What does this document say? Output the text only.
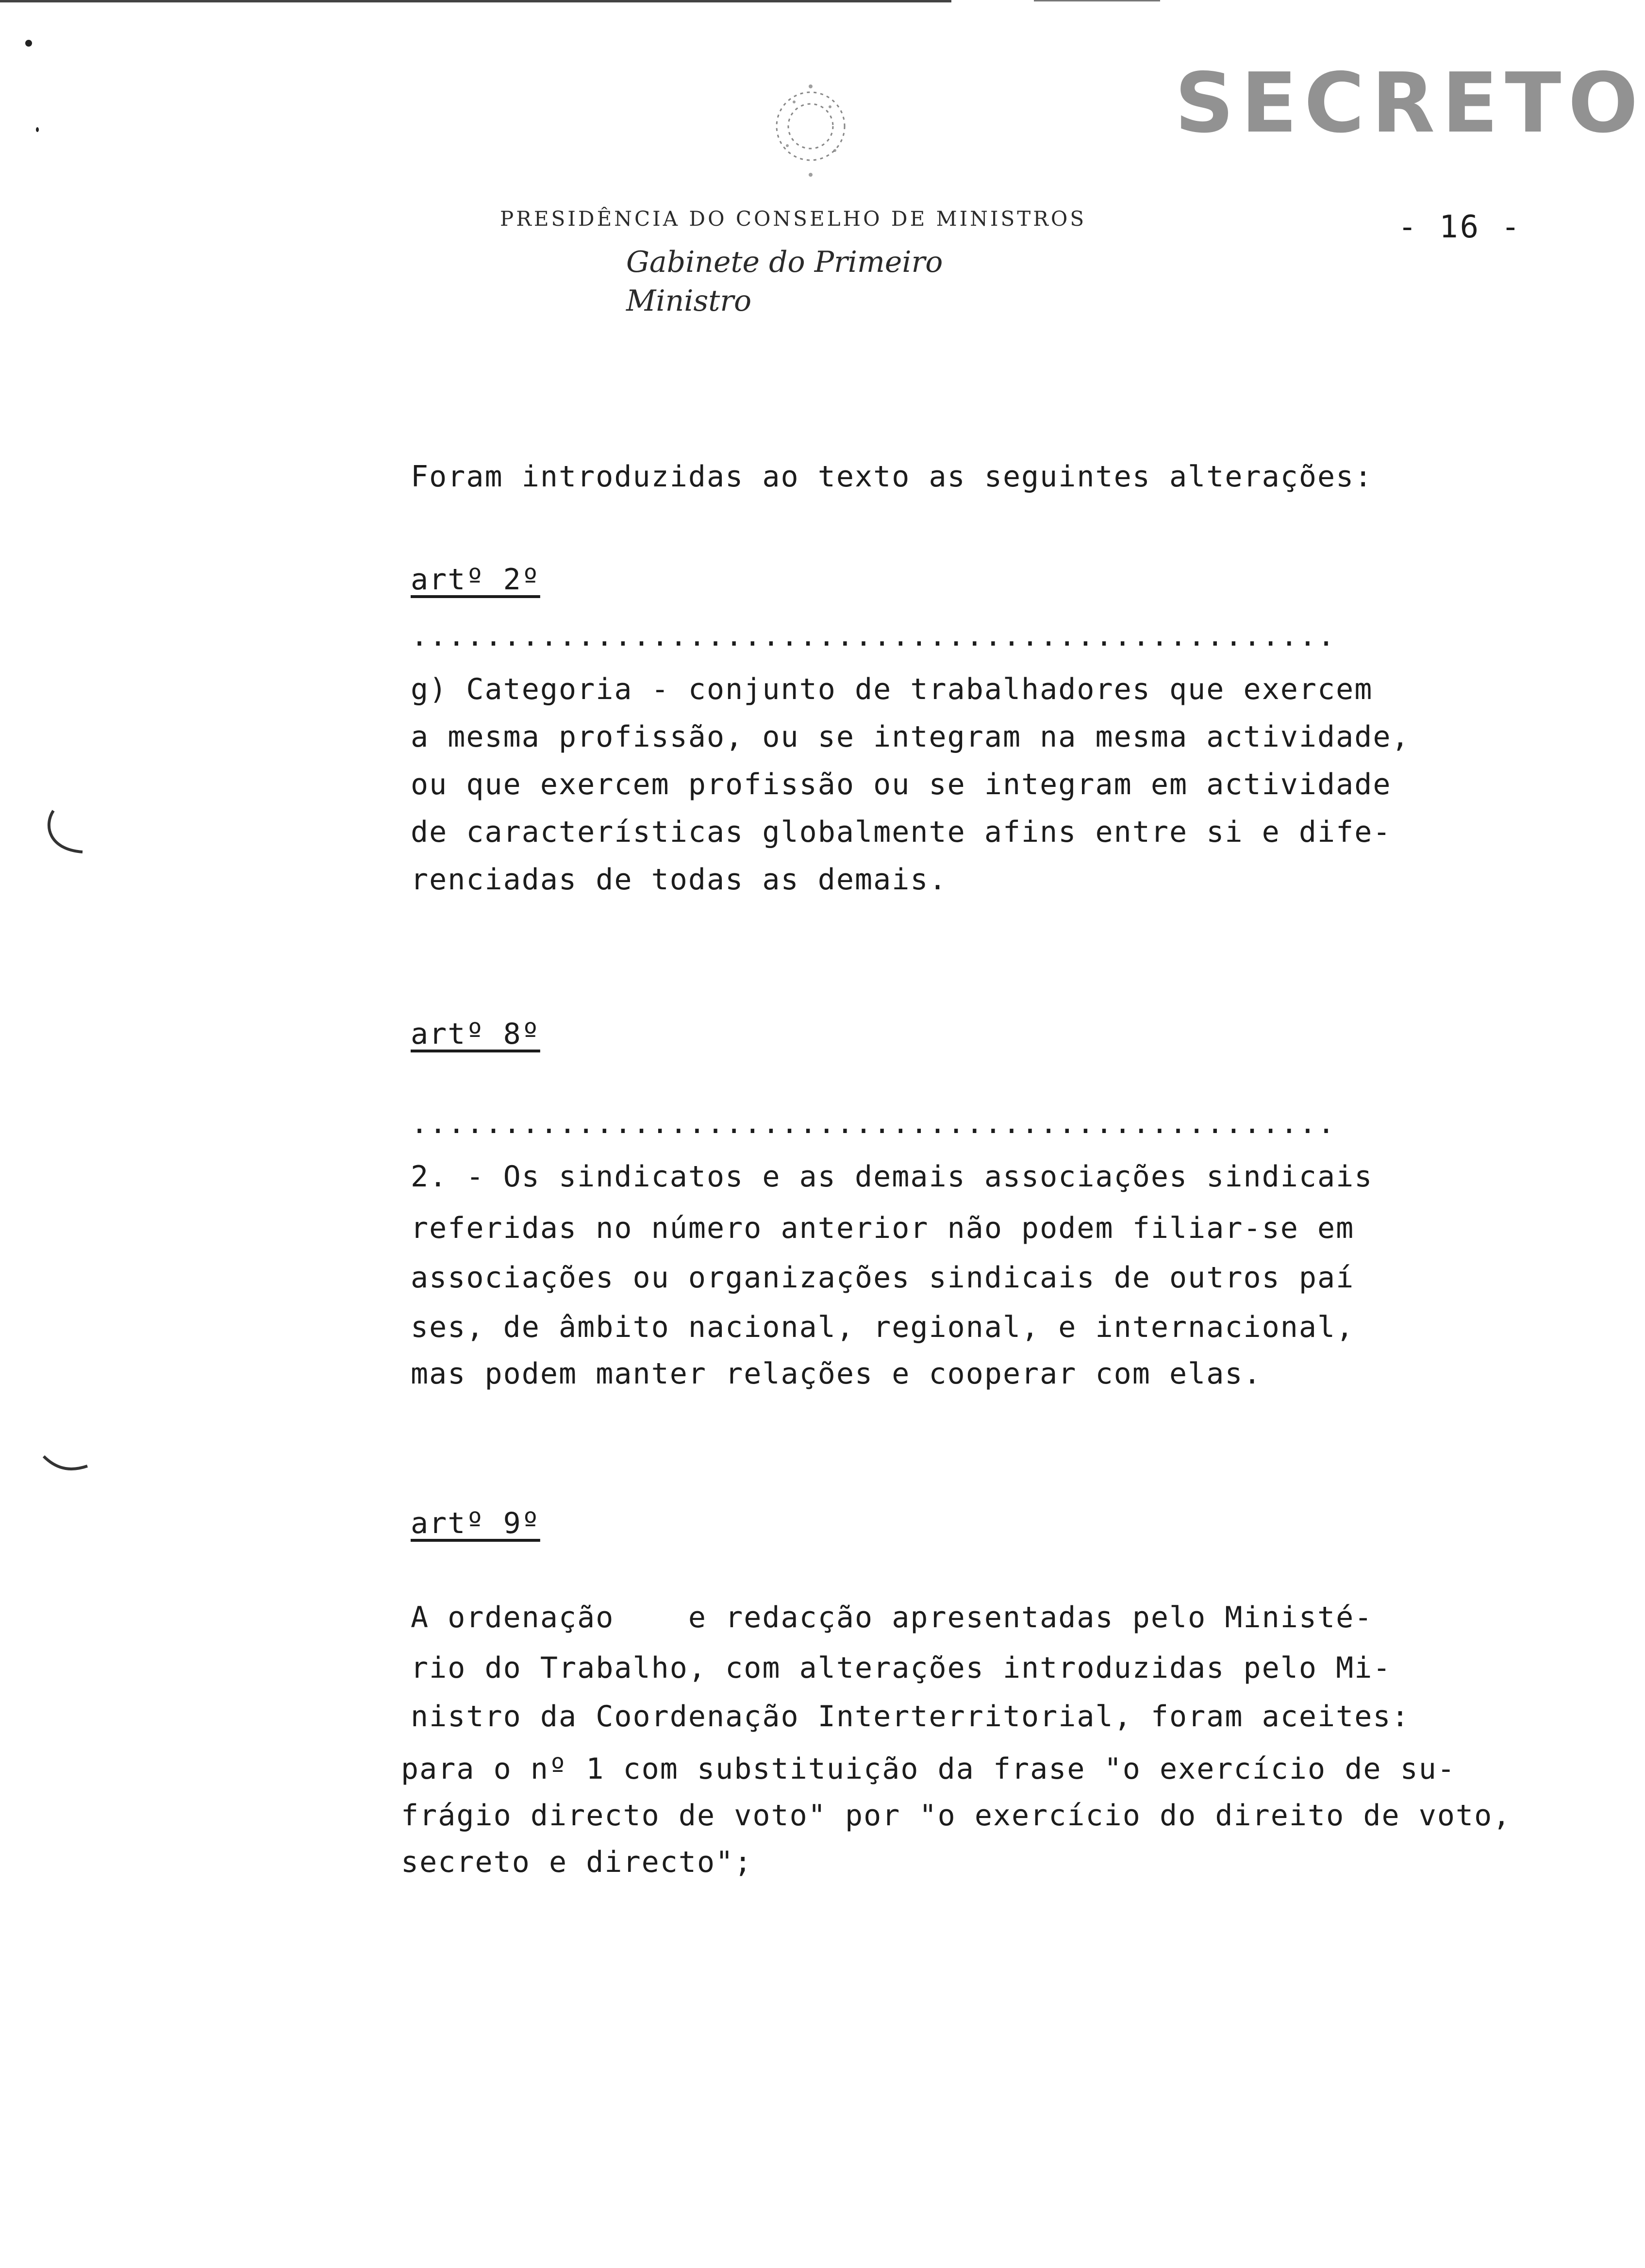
SECRETO
PRESIDÊNCIA DO CONSELHO DE MINISTROS
Gabinete do Primeiro Ministro
- 16 -
Foram introduzidas ao texto as seguintes alterações:
artº 2º
..................................................
g) Categoria - conjunto de trabalhadores que exercem
a mesma profissão, ou se integram na mesma actividade,
ou que exercem profissão ou se integram em actividade
de características globalmente afins entre si e dife-
renciadas de todas as demais.
artº 8º
..................................................
2. - Os sindicatos e as demais associações sindicais
referidas no número anterior não podem filiar-se em
associações ou organizações sindicais de outros paí
ses, de âmbito nacional, regional, e internacional,
mas podem manter relações e cooperar com elas.
artº 9º
A ordenação    e redacção apresentadas pelo Ministé-
rio do Trabalho, com alterações introduzidas pelo Mi-
nistro da Coordenação Interterritorial, foram aceites:
para o nº 1 com substituição da frase "o exercício de su-
frágio directo de voto" por "o exercício do direito de voto,
secreto e directo";
